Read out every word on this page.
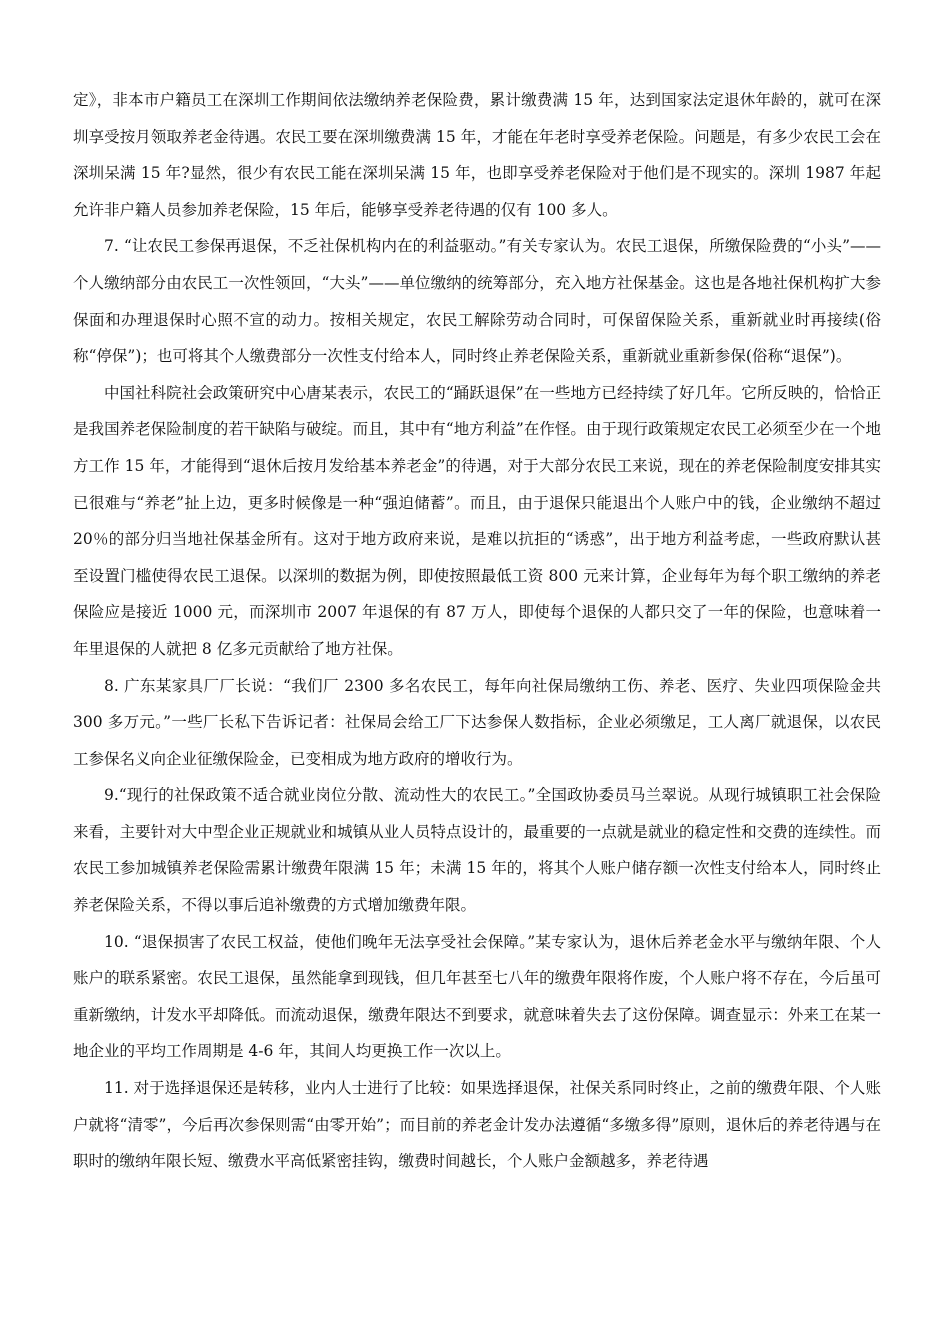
定》，非本市户籍员工在深圳工作期间依法缴纳养老保险费，累计缴费满 15 年，达到国家法定退休年龄的，就可在深圳享受按月领取养老金待遇。农民工要在深圳缴费满 15 年，才能在年老时享受养老保险。问题是，有多少农民工会在深圳呆满 15 年?显然，很少有农民工能在深圳呆满 15 年，也即享受养老保险对于他们是不现实的。深圳 1987 年起允许非户籍人员参加养老保险，15 年后，能够享受养老待遇的仅有 100 多人。

7. “让农民工参保再退保，不乏社保机构内在的利益驱动。”有关专家认为。农民工退保，所缴保险费的“小头”——个人缴纳部分由农民工一次性领回，“大头”——单位缴纳的统筹部分，充入地方社保基金。这也是各地社保机构扩大参保面和办理退保时心照不宣的动力。按相关规定，农民工解除劳动合同时，可保留保险关系，重新就业时再接续(俗称“停保”)；也可将其个人缴费部分一次性支付给本人，同时终止养老保险关系，重新就业重新参保(俗称“退保”)。

中国社科院社会政策研究中心唐某表示，农民工的“踊跃退保”在一些地方已经持续了好几年。它所反映的，恰恰正是我国养老保险制度的若干缺陷与破绽。而且，其中有“地方利益”在作怪。由于现行政策规定农民工必须至少在一个地方工作 15 年，才能得到“退休后按月发给基本养老金”的待遇，对于大部分农民工来说，现在的养老保险制度安排其实已很难与“养老”扯上边，更多时候像是一种“强迫储蓄”。而且，由于退保只能退出个人账户中的钱，企业缴纳不超过 20％的部分归当地社保基金所有。这对于地方政府来说，是难以抗拒的“诱惑”，出于地方利益考虑，一些政府默认甚至设置门槛使得农民工退保。以深圳的数据为例，即使按照最低工资 800 元来计算，企业每年为每个职工缴纳的养老保险应是接近 1000 元，而深圳市 2007 年退保的有 87 万人，即使每个退保的人都只交了一年的保险，也意味着一年里退保的人就把 8 亿多元贡献给了地方社保。

8. 广东某家具厂厂长说：“我们厂 2300 多名农民工，每年向社保局缴纳工伤、养老、医疗、失业四项保险金共 300 多万元。”一些厂长私下告诉记者：社保局会给工厂下达参保人数指标，企业必须缴足，工人离厂就退保，以农民工参保名义向企业征缴保险金，已变相成为地方政府的增收行为。

9.“现行的社保政策不适合就业岗位分散、流动性大的农民工。”全国政协委员马兰翠说。从现行城镇职工社会保险来看，主要针对大中型企业正规就业和城镇从业人员特点设计的，最重要的一点就是就业的稳定性和交费的连续性。而农民工参加城镇养老保险需累计缴费年限满 15 年；未满 15 年的，将其个人账户储存额一次性支付给本人，同时终止养老保险关系，不得以事后追补缴费的方式增加缴费年限。

10. “退保损害了农民工权益，使他们晚年无法享受社会保障。”某专家认为，退休后养老金水平与缴纳年限、个人账户的联系紧密。农民工退保，虽然能拿到现钱，但几年甚至七八年的缴费年限将作废，个人账户将不存在，今后虽可重新缴纳，计发水平却降低。而流动退保，缴费年限达不到要求，就意味着失去了这份保障。调查显示：外来工在某一地企业的平均工作周期是 4-6 年，其间人均更换工作一次以上。

11. 对于选择退保还是转移，业内人士进行了比较：如果选择退保，社保关系同时终止，之前的缴费年限、个人账户就将“清零”，今后再次参保则需“由零开始”；而目前的养老金计发办法遵循“多缴多得”原则，退休后的养老待遇与在职时的缴纳年限长短、缴费水平高低紧密挂钩，缴费时间越长，个人账户金额越多，养老待遇
